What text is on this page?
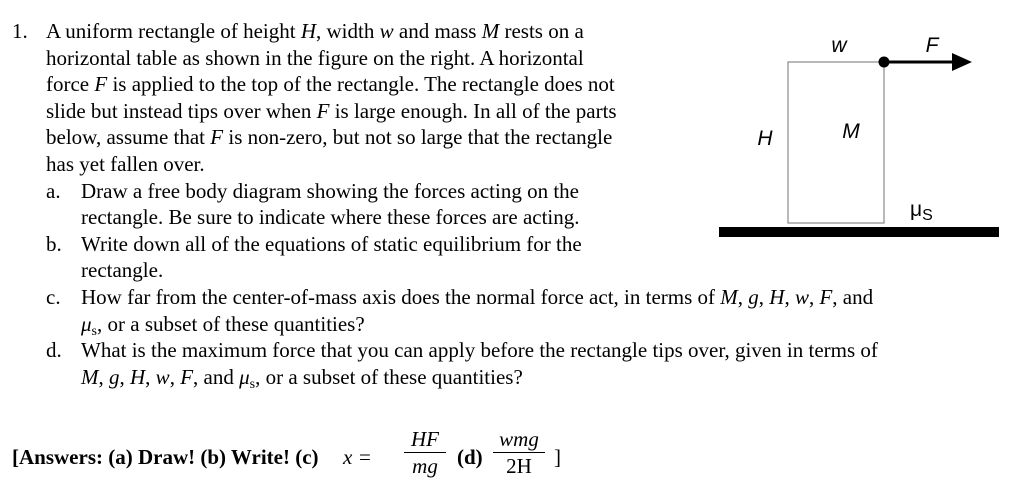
1. A uniform rectangle of height H, width w and mass M rests on a
horizontal table as shown in the figure on the right. A horizontal
force F is applied to the top of the rectangle. The rectangle does not
slide but instead tips over when F is large enough. In all of the parts
below, assume that F is non-zero, but not so large that the rectangle
has yet fallen over.
a. Draw a free body diagram showing the forces acting on the
rectangle. Be sure to indicate where these forces are acting.
b. Write down all of the equations of static equilibrium for the
rectangle.
c. How far from the center-of-mass axis does the normal force act, in terms of M, g, H, w, F, and
$\mu_s$, or a subset of these quantities?
d. What is the maximum force that you can apply before the rectangle tips over, given in terms of
M, g, H, w, F, and $\mu_s$, or a subset of these quantities?
[Answers: (a) Draw! (b) Write! (c) x =
HF
mg (d)
wmg
2H	]
w	F
H	M
μS
